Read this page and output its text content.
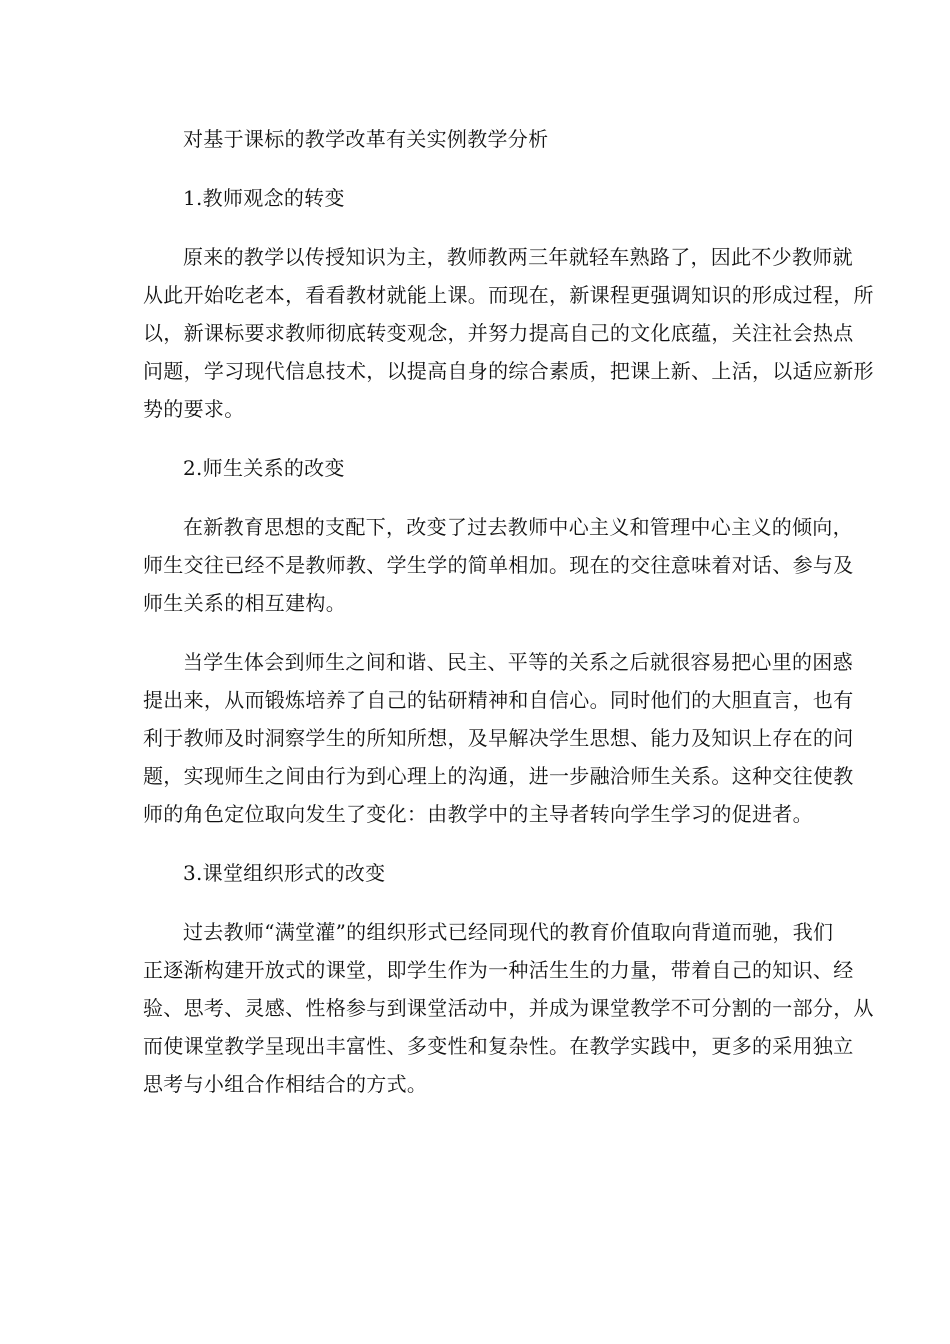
对基于课标的教学改革有关实例教学分析

1.教师观念的转变

原来的教学以传授知识为主，教师教两三年就轻车熟路了，因此不少教师就

从此开始吃老本，看看教材就能上课。而现在，新课程更强调知识的形成过程，所

以，新课标要求教师彻底转变观念，并努力提高自己的文化底蕴，关注社会热点

问题，学习现代信息技术，以提高自身的综合素质，把课上新、上活，以适应新形

势的要求。

2.师生关系的改变

在新教育思想的支配下，改变了过去教师中心主义和管理中心主义的倾向，

师生交往已经不是教师教、学生学的简单相加。现在的交往意味着对话、参与及

师生关系的相互建构。

当学生体会到师生之间和谐、民主、平等的关系之后就很容易把心里的困惑

提出来，从而锻炼培养了自己的钻研精神和自信心。同时他们的大胆直言，也有

利于教师及时洞察学生的所知所想，及早解决学生思想、能力及知识上存在的问

题，实现师生之间由行为到心理上的沟通，进一步融洽师生关系。这种交往使教

师的角色定位取向发生了变化：由教学中的主导者转向学生学习的促进者。

3.课堂组织形式的改变

过去教师“满堂灌”的组织形式已经同现代的教育价值取向背道而驰，我们

正逐渐构建开放式的课堂，即学生作为一种活生生的力量，带着自己的知识、经

验、思考、灵感、性格参与到课堂活动中，并成为课堂教学不可分割的一部分，从

而使课堂教学呈现出丰富性、多变性和复杂性。在教学实践中，更多的采用独立

思考与小组合作相结合的方式。
